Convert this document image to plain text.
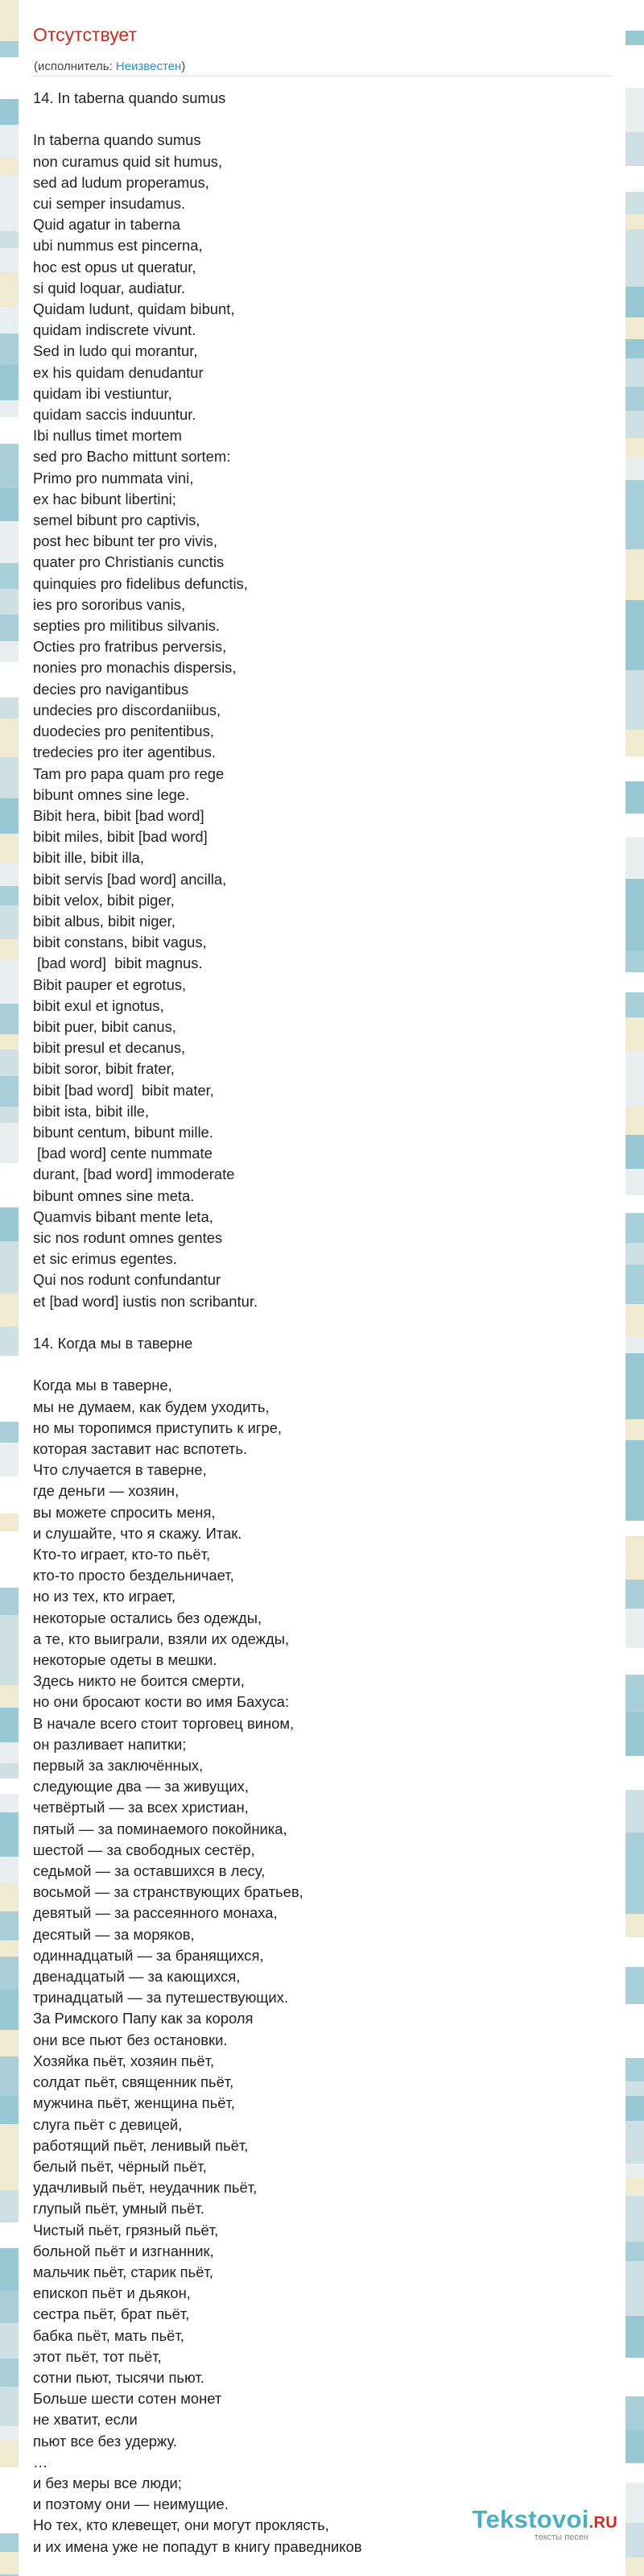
Отсутствует
(исполнитель: Неизвестен)
14. In taberna quando sumus

In taberna quando sumus
non curamus quid sit humus,
sed ad ludum properamus,
cui semper insudamus.
Quid agatur in taberna
ubi nummus est pincerna,
hoc est opus ut queratur,
si quid loquar, audiatur.
Quidam ludunt, quidam bibunt,
quidam indiscrete vivunt.
Sed in ludo qui morantur,
ex his quidam denudantur
quidam ibi vestiuntur,
quidam saccis induuntur.
Ibi nullus timet mortem
sed pro Bacho mittunt sortem:
Primo pro nummata vini,
ex hac bibunt libertini;
semel bibunt pro captivis,
post hec bibunt ter pro vivis,
quater pro Christianis cunctis
quinquies pro fidelibus defunctis,
ies pro sororibus vanis,
septies pro militibus silvanis.
Octies pro fratribus perversis,
nonies pro monachis dispersis,
decies pro navigantibus
undecies pro discordaniibus,
duodecies pro penitentibus,
tredecies pro iter agentibus.
Tam pro papa quam pro rege
bibunt omnes sine lege.
Bibit hera, bibit [bad word]
bibit miles, bibit [bad word]
bibit ille, bibit illa,
bibit servis [bad word] ancilla,
bibit velox, bibit piger,
bibit albus, bibit niger,
bibit constans, bibit vagus,
[bad word]  bibit magnus.
Bibit pauper et egrotus,
bibit exul et ignotus,
bibit puer, bibit canus,
bibit presul et decanus,
bibit soror, bibit frater,
bibit [bad word]  bibit mater,
bibit ista, bibit ille,
bibunt centum, bibunt mille.
[bad word] cente nummate
durant, [bad word] immoderate
bibunt omnes sine meta.
Quamvis bibant mente leta,
sic nos rodunt omnes gentes
et sic erimus egentes.
Qui nos rodunt confundantur
et [bad word] iustis non scribantur.

14. Когда мы в таверне

Когда мы в таверне,
мы не думаем, как будем уходить,
но мы торопимся приступить к игре,
которая заставит нас вспотеть.
Что случается в таверне,
где деньги — хозяин,
вы можете спросить меня,
и слушайте, что я скажу. Итак.
Кто-то играет, кто-то пьёт,
кто-то просто бездельничает,
но из тех, кто играет,
некоторые остались без одежды,
а те, кто выиграли, взяли их одежды,
некоторые одеты в мешки.
Здесь никто не боится смерти,
но они бросают кости во имя Бахуса:
В начале всего стоит торговец вином,
он разливает напитки;
первый за заключённых,
следующие два — за живущих,
четвёртый — за всех христиан,
пятый — за поминаемого покойника,
шестой — за свободных сестёр,
седьмой — за оставшихся в лесу,
восьмой — за странствующих братьев,
девятый — за рассеянного монаха,
десятый — за моряков,
одиннадцатый — за бранящихся,
двенадцатый — за кающихся,
тринадцатый — за путешествующих.
За Римского Папу как за короля
они все пьют без остановки.
Хозяйка пьёт, хозяин пьёт,
солдат пьёт, священник пьёт,
мужчина пьёт, женщина пьёт,
слуга пьёт с девицей,
работящий пьёт, ленивый пьёт,
белый пьёт, чёрный пьёт,
удачливый пьёт, неудачник пьёт,
глупый пьёт, умный пьёт.
Чистый пьёт, грязный пьёт,
больной пьёт и изгнанник,
мальчик пьёт, старик пьёт,
епископ пьёт и дьякон,
сестра пьёт, брат пьёт,
бабка пьёт, мать пьёт,
этот пьёт, тот пьёт,
сотни пьют, тысячи пьют.
Больше шести сотен монет
не хватит, если
пьют все без удержу.
…
и без меры все люди;
и поэтому они — неимущие.
Но тех, кто клевещет, они могут проклясть,
и их имена уже не попадут в книгу праведников
Tekstovoi.RU
тексты песен
